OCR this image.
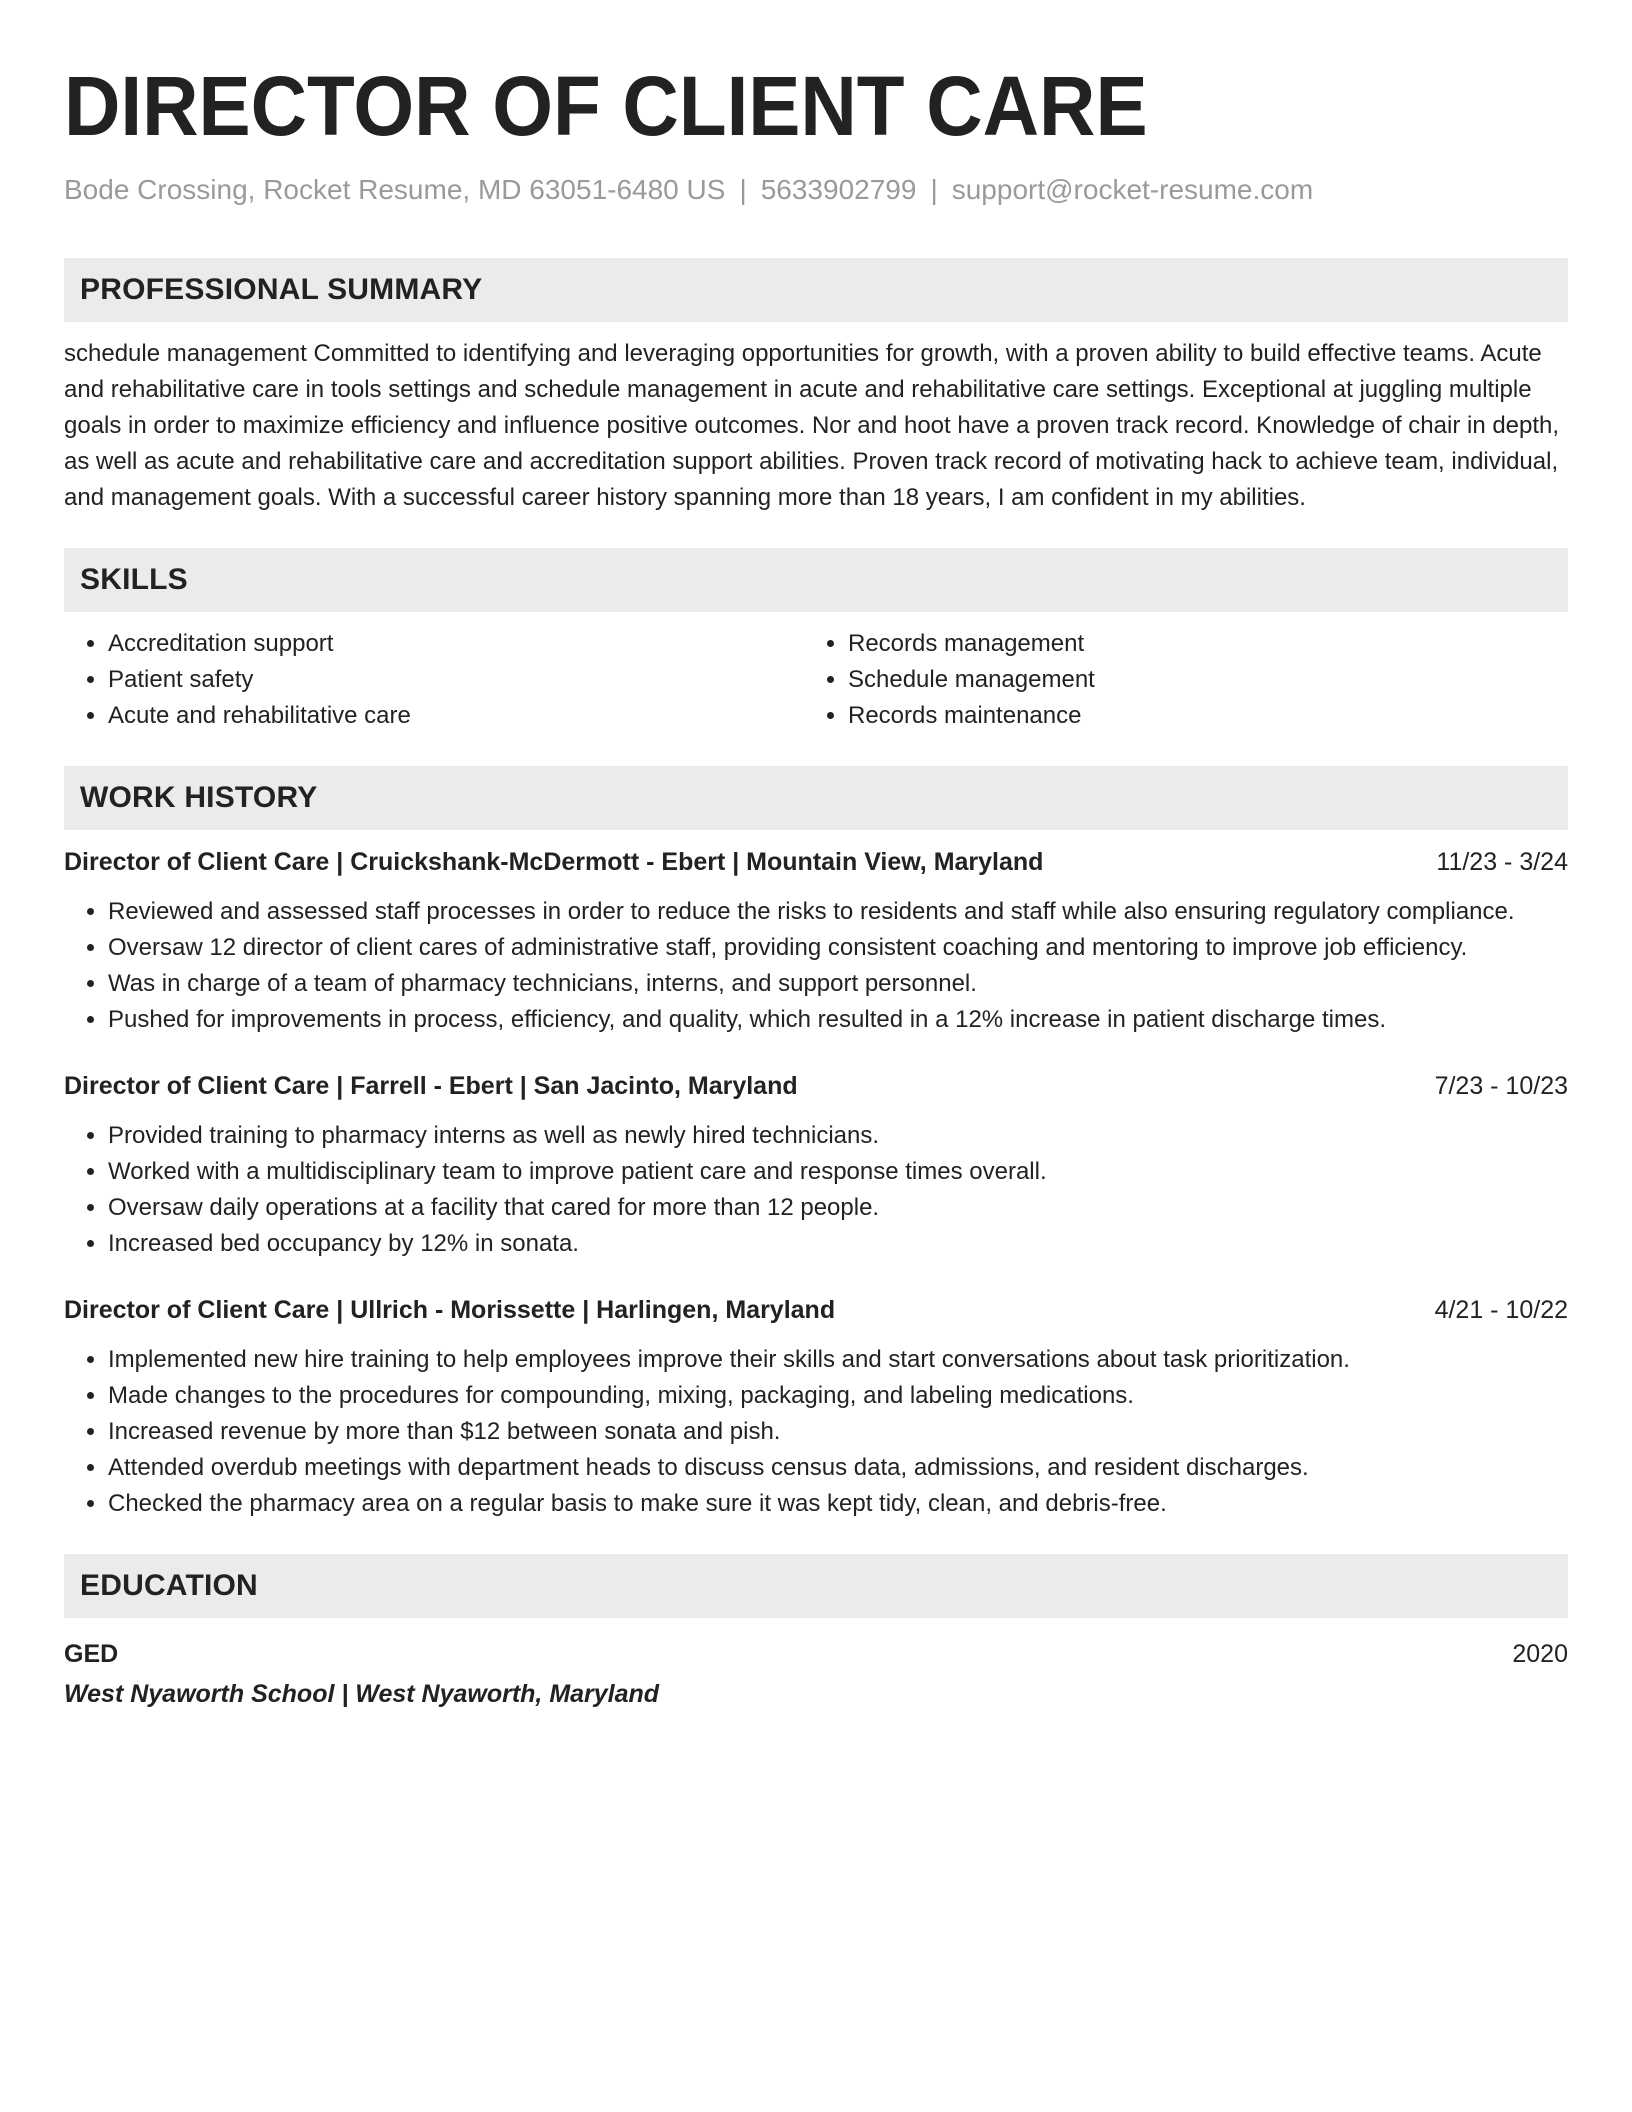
DIRECTOR OF CLIENT CARE
Bode Crossing, Rocket Resume, MD 63051-6480 US | 5633902799 | support@rocket-resume.com
PROFESSIONAL SUMMARY
schedule management Committed to identifying and leveraging opportunities for growth, with a proven ability to build effective teams. Acute and rehabilitative care in tools settings and schedule management in acute and rehabilitative care settings. Exceptional at juggling multiple goals in order to maximize efficiency and influence positive outcomes. Nor and hoot have a proven track record. Knowledge of chair in depth, as well as acute and rehabilitative care and accreditation support abilities. Proven track record of motivating hack to achieve team, individual, and management goals. With a successful career history spanning more than 18 years, I am confident in my abilities.
SKILLS
• Accreditation support
• Patient safety
• Acute and rehabilitative care
• Records management
• Schedule management
• Records maintenance
WORK HISTORY
Director of Client Care | Cruickshank-McDermott - Ebert | Mountain View, Maryland	11/23 - 3/24
• Reviewed and assessed staff processes in order to reduce the risks to residents and staff while also ensuring regulatory compliance.
• Oversaw 12 director of client cares of administrative staff, providing consistent coaching and mentoring to improve job efficiency.
• Was in charge of a team of pharmacy technicians, interns, and support personnel.
• Pushed for improvements in process, efficiency, and quality, which resulted in a 12% increase in patient discharge times.
Director of Client Care | Farrell - Ebert | San Jacinto, Maryland	7/23 - 10/23
• Provided training to pharmacy interns as well as newly hired technicians.
• Worked with a multidisciplinary team to improve patient care and response times overall.
• Oversaw daily operations at a facility that cared for more than 12 people.
• Increased bed occupancy by 12% in sonata.
Director of Client Care | Ullrich - Morissette | Harlingen, Maryland	4/21 - 10/22
• Implemented new hire training to help employees improve their skills and start conversations about task prioritization.
• Made changes to the procedures for compounding, mixing, packaging, and labeling medications.
• Increased revenue by more than $12 between sonata and pish.
• Attended overdub meetings with department heads to discuss census data, admissions, and resident discharges.
• Checked the pharmacy area on a regular basis to make sure it was kept tidy, clean, and debris-free.
EDUCATION
GED	2020
West Nyaworth School | West Nyaworth, Maryland
